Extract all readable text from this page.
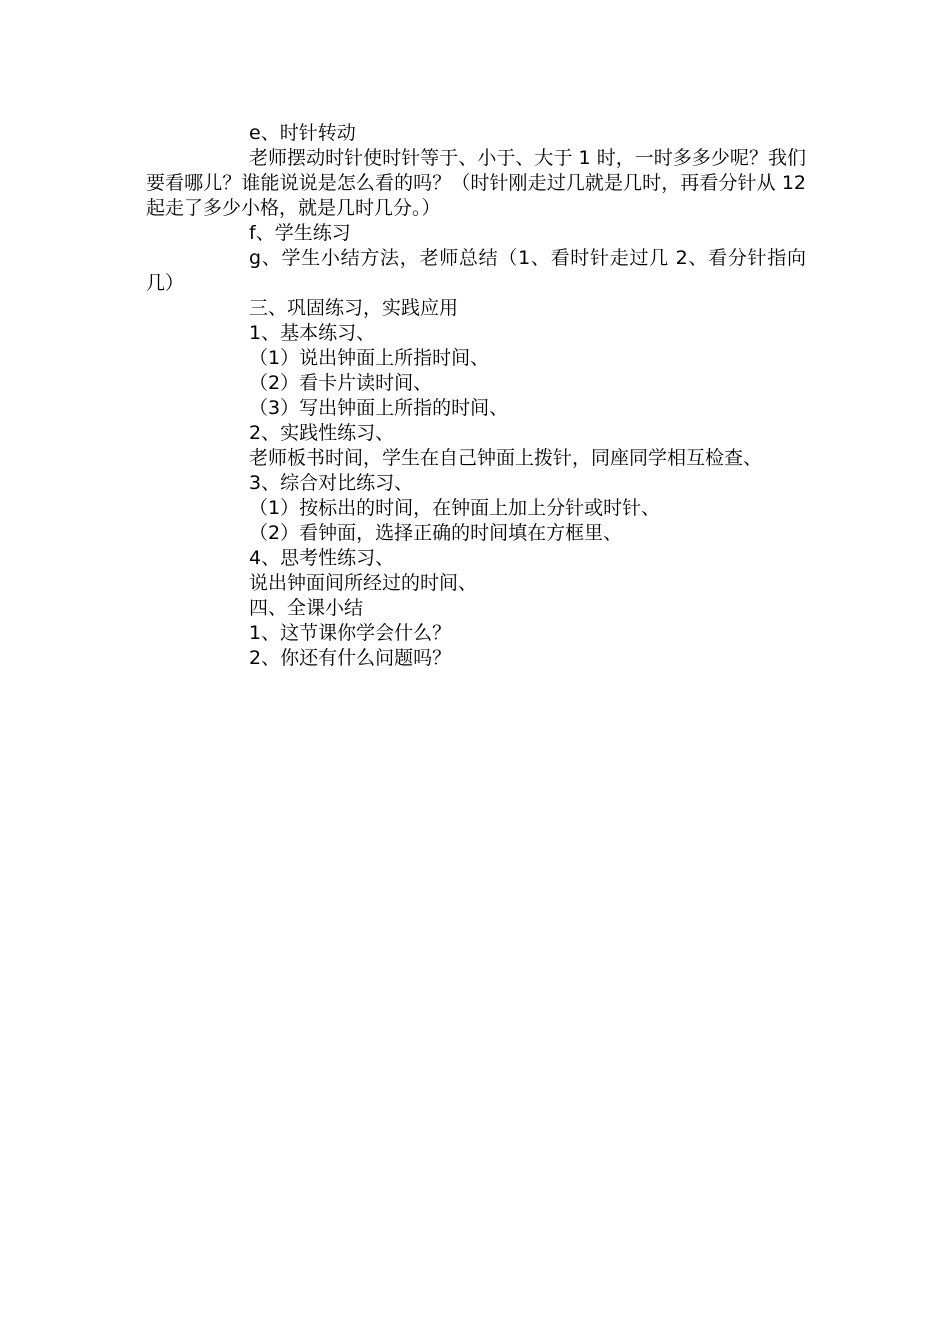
e、时针转动

老师摆动时针使时针等于、小于、大于 1 时，一时多多少呢？我们要看哪儿？谁能说说是怎么看的吗？（时针刚走过几就是几时，再看分针从 12 起走了多少小格，就是几时几分。）

f、学生练习

g、学生小结方法，老师总结（1、看时针走过几 2、看分针指向几）

三、巩固练习，实践应用

1、基本练习、

（1）说出钟面上所指时间、

（2）看卡片读时间、

（3）写出钟面上所指的时间、

2、实践性练习、

老师板书时间，学生在自己钟面上拨针，同座同学相互检查、

3、综合对比练习、

（1）按标出的时间，在钟面上加上分针或时针、

（2）看钟面，选择正确的时间填在方框里、

4、思考性练习、

说出钟面间所经过的时间、

四、全课小结

1、这节课你学会什么？

2、你还有什么问题吗？
